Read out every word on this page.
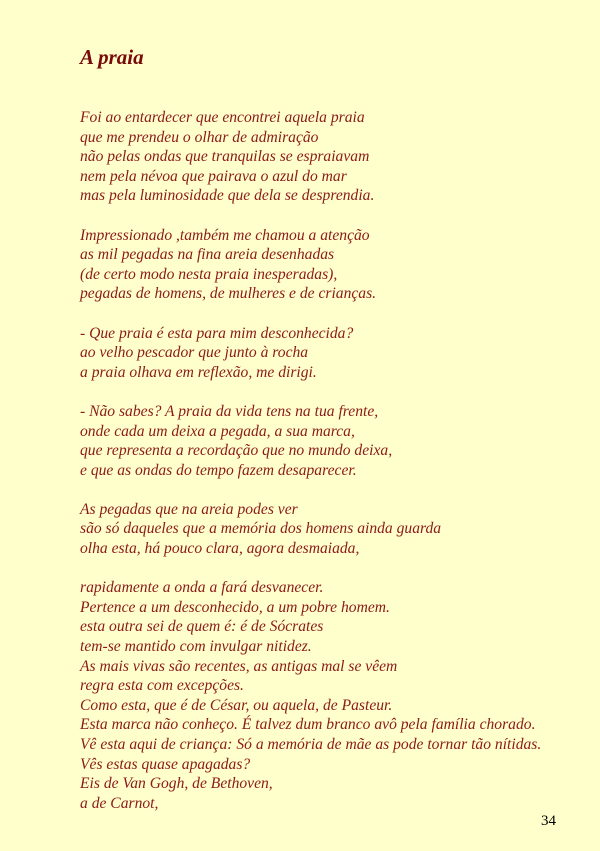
A praia

Foi ao entardecer que encontrei aquela praia
que me prendeu o olhar de admiração
não pelas ondas que tranquilas se espraiavam
nem pela névoa que pairava o azul do mar
mas pela luminosidade que dela se desprendia.

Impressionado ,também me chamou a atenção
as mil pegadas na fina areia desenhadas
(de certo modo nesta praia inesperadas),
pegadas de homens, de mulheres e de crianças.

- Que praia é esta para mim desconhecida?
ao velho pescador que junto à rocha
a praia olhava em reflexão, me dirigi.

- Não sabes? A praia da vida tens na tua frente,
onde cada um deixa a pegada, a sua marca,
que representa a recordação que no mundo deixa,
e que as ondas do tempo fazem desaparecer.

As pegadas que na areia podes ver
são só daqueles que a memória dos homens ainda guarda
olha esta, há pouco clara, agora desmaiada,

rapidamente a onda a fará desvanecer.
Pertence a um desconhecido, a um pobre homem.
esta outra sei de quem é: é de Sócrates
tem-se mantido com invulgar nitidez.
As mais vivas são recentes, as antigas mal se vêem
regra esta com excepções.
Como esta, que é de César, ou aquela, de Pasteur.
Esta marca não conheço. É talvez dum branco avô pela família chorado.
Vê esta aqui de criança: Só a memória de mãe as pode tornar tão nítidas.
Vês estas quase apagadas?
Eis de Van Gogh, de Bethoven,
a de Carnot,

34
